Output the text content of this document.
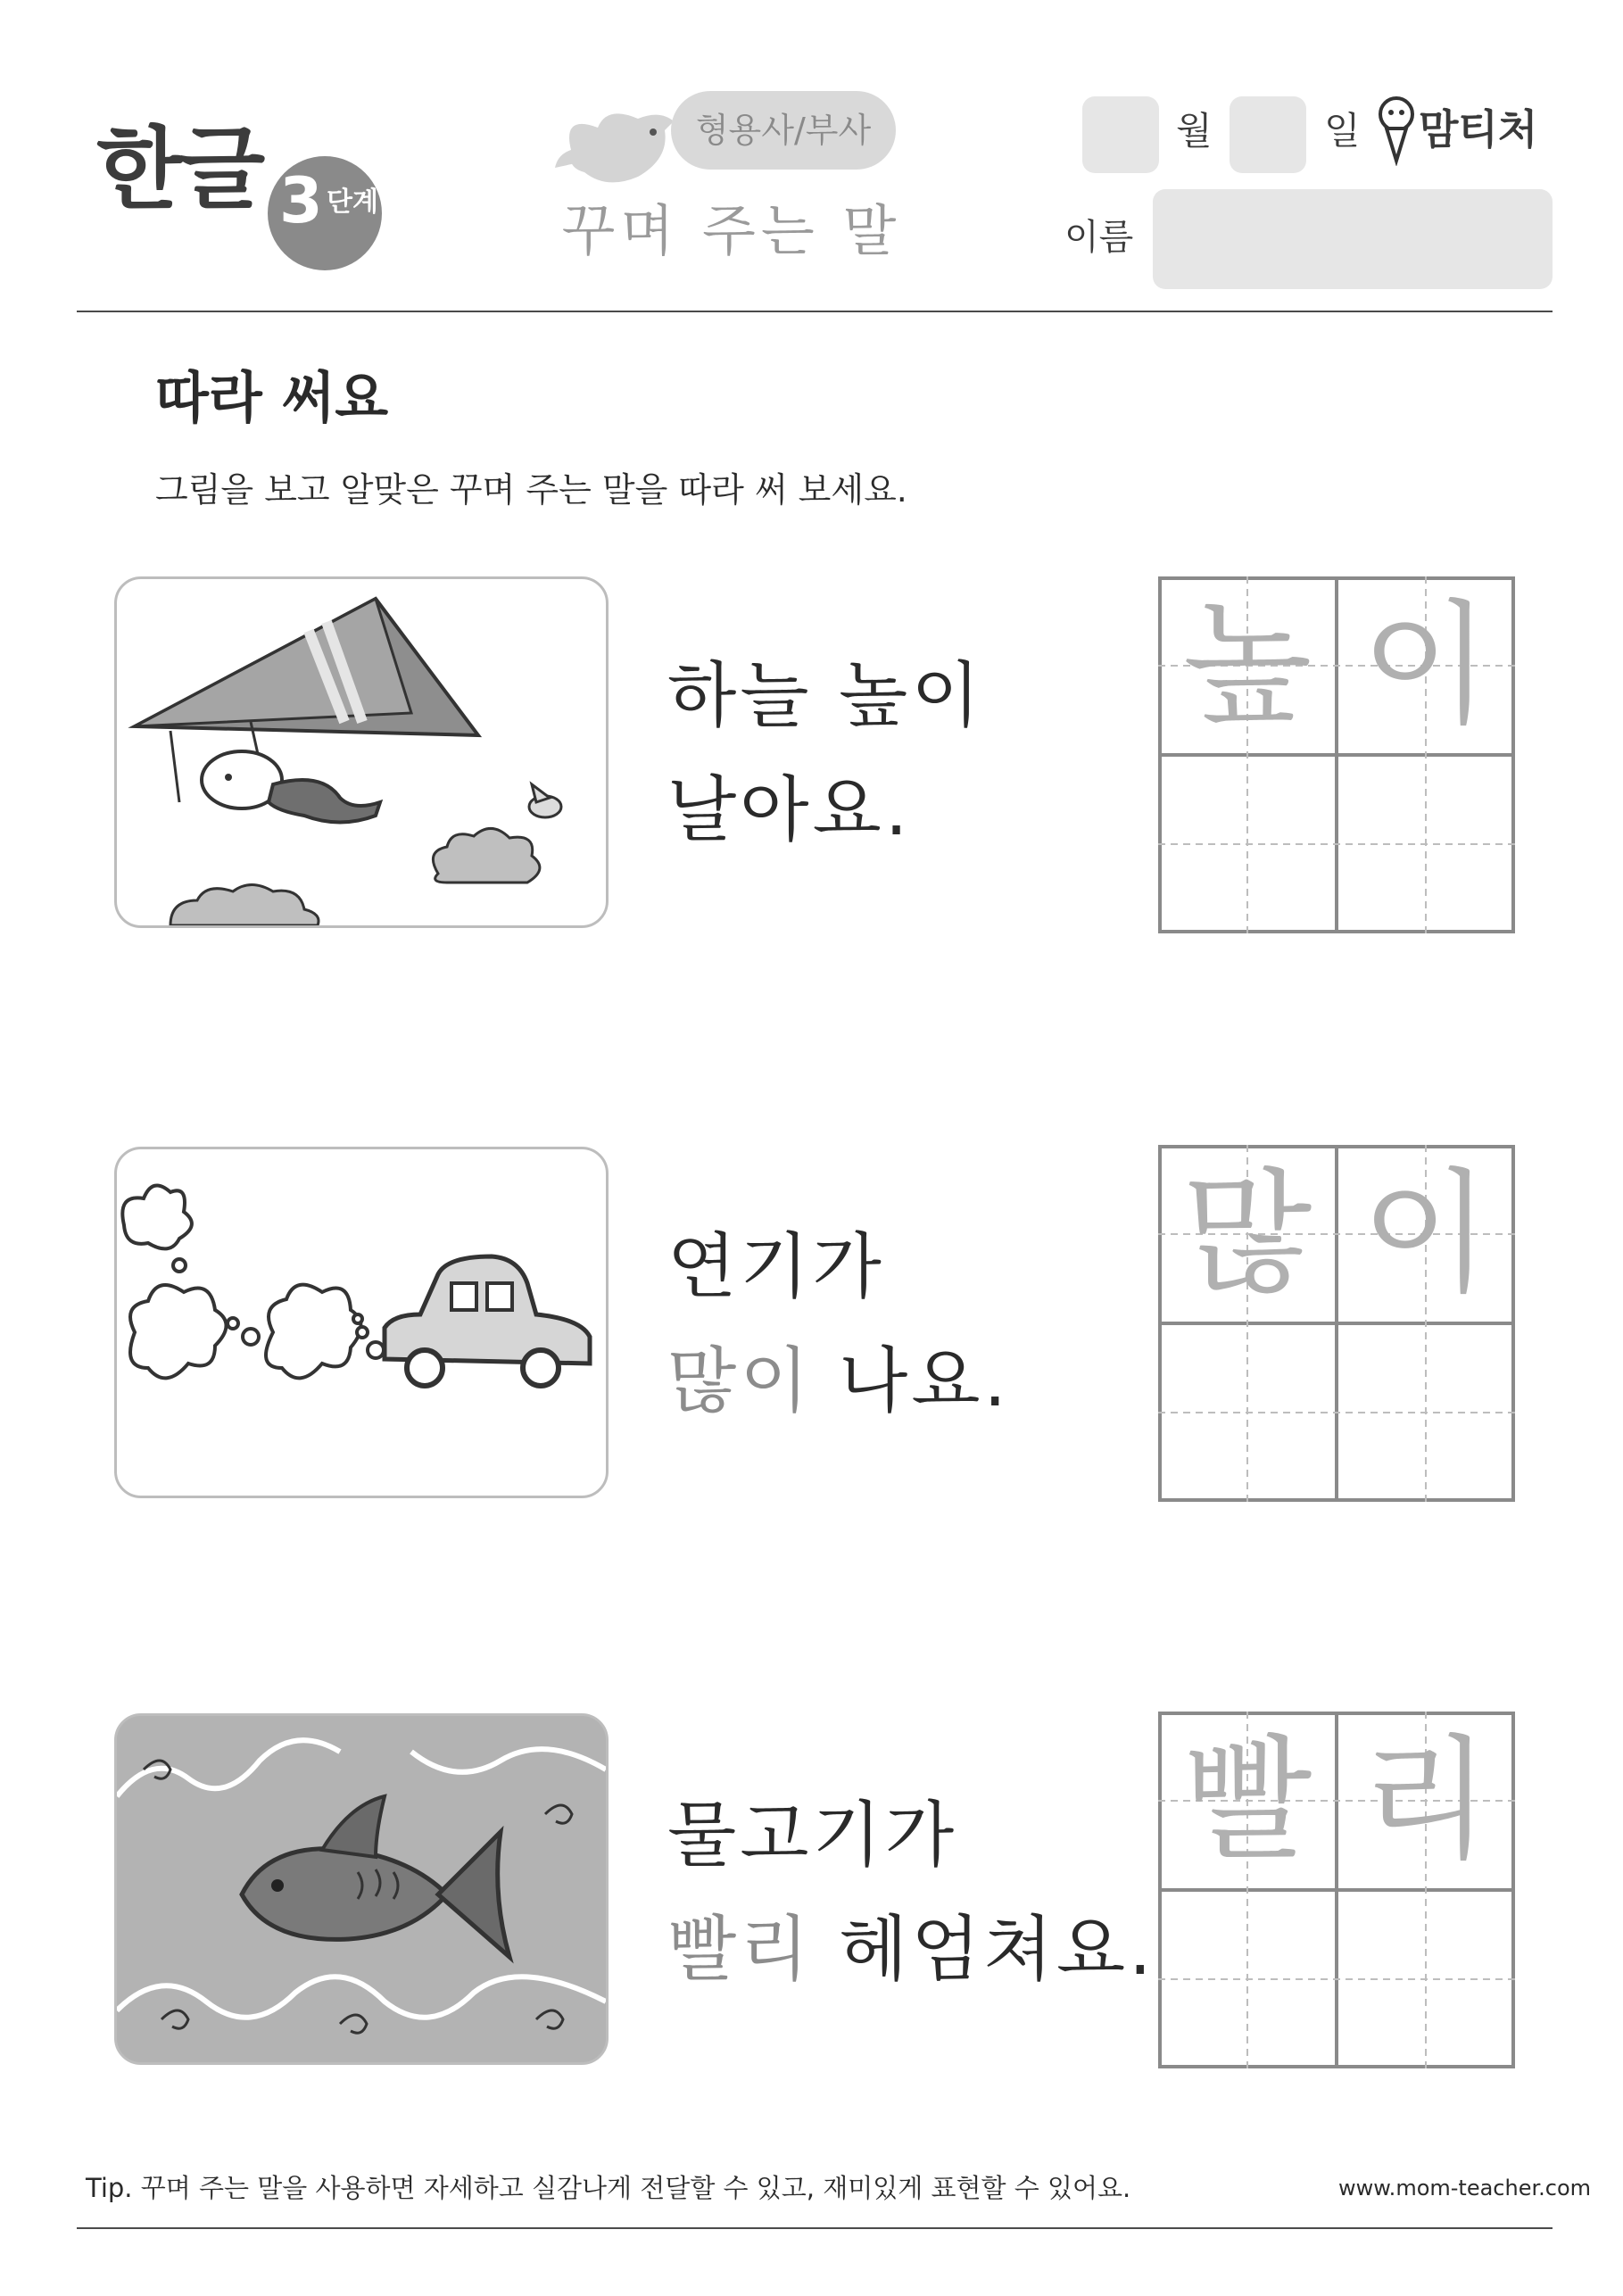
한글 3 단계
형용사/부사
꾸며 주는 말
월	일 맘티처
이름
따라 써요
그림을 보고 알맞은 꾸며 주는 말을 따라 써 보세요.
하늘 높이
날아요.
높 이
연기가
많이 나요.
많 이
물고기가
빨리 헤엄쳐요.
빨 리
Tip. 꾸며 주는 말을 사용하면 자세하고 실감나게 전달할 수 있고, 재미있게 표현할 수 있어요.	www.mom-teacher.com
